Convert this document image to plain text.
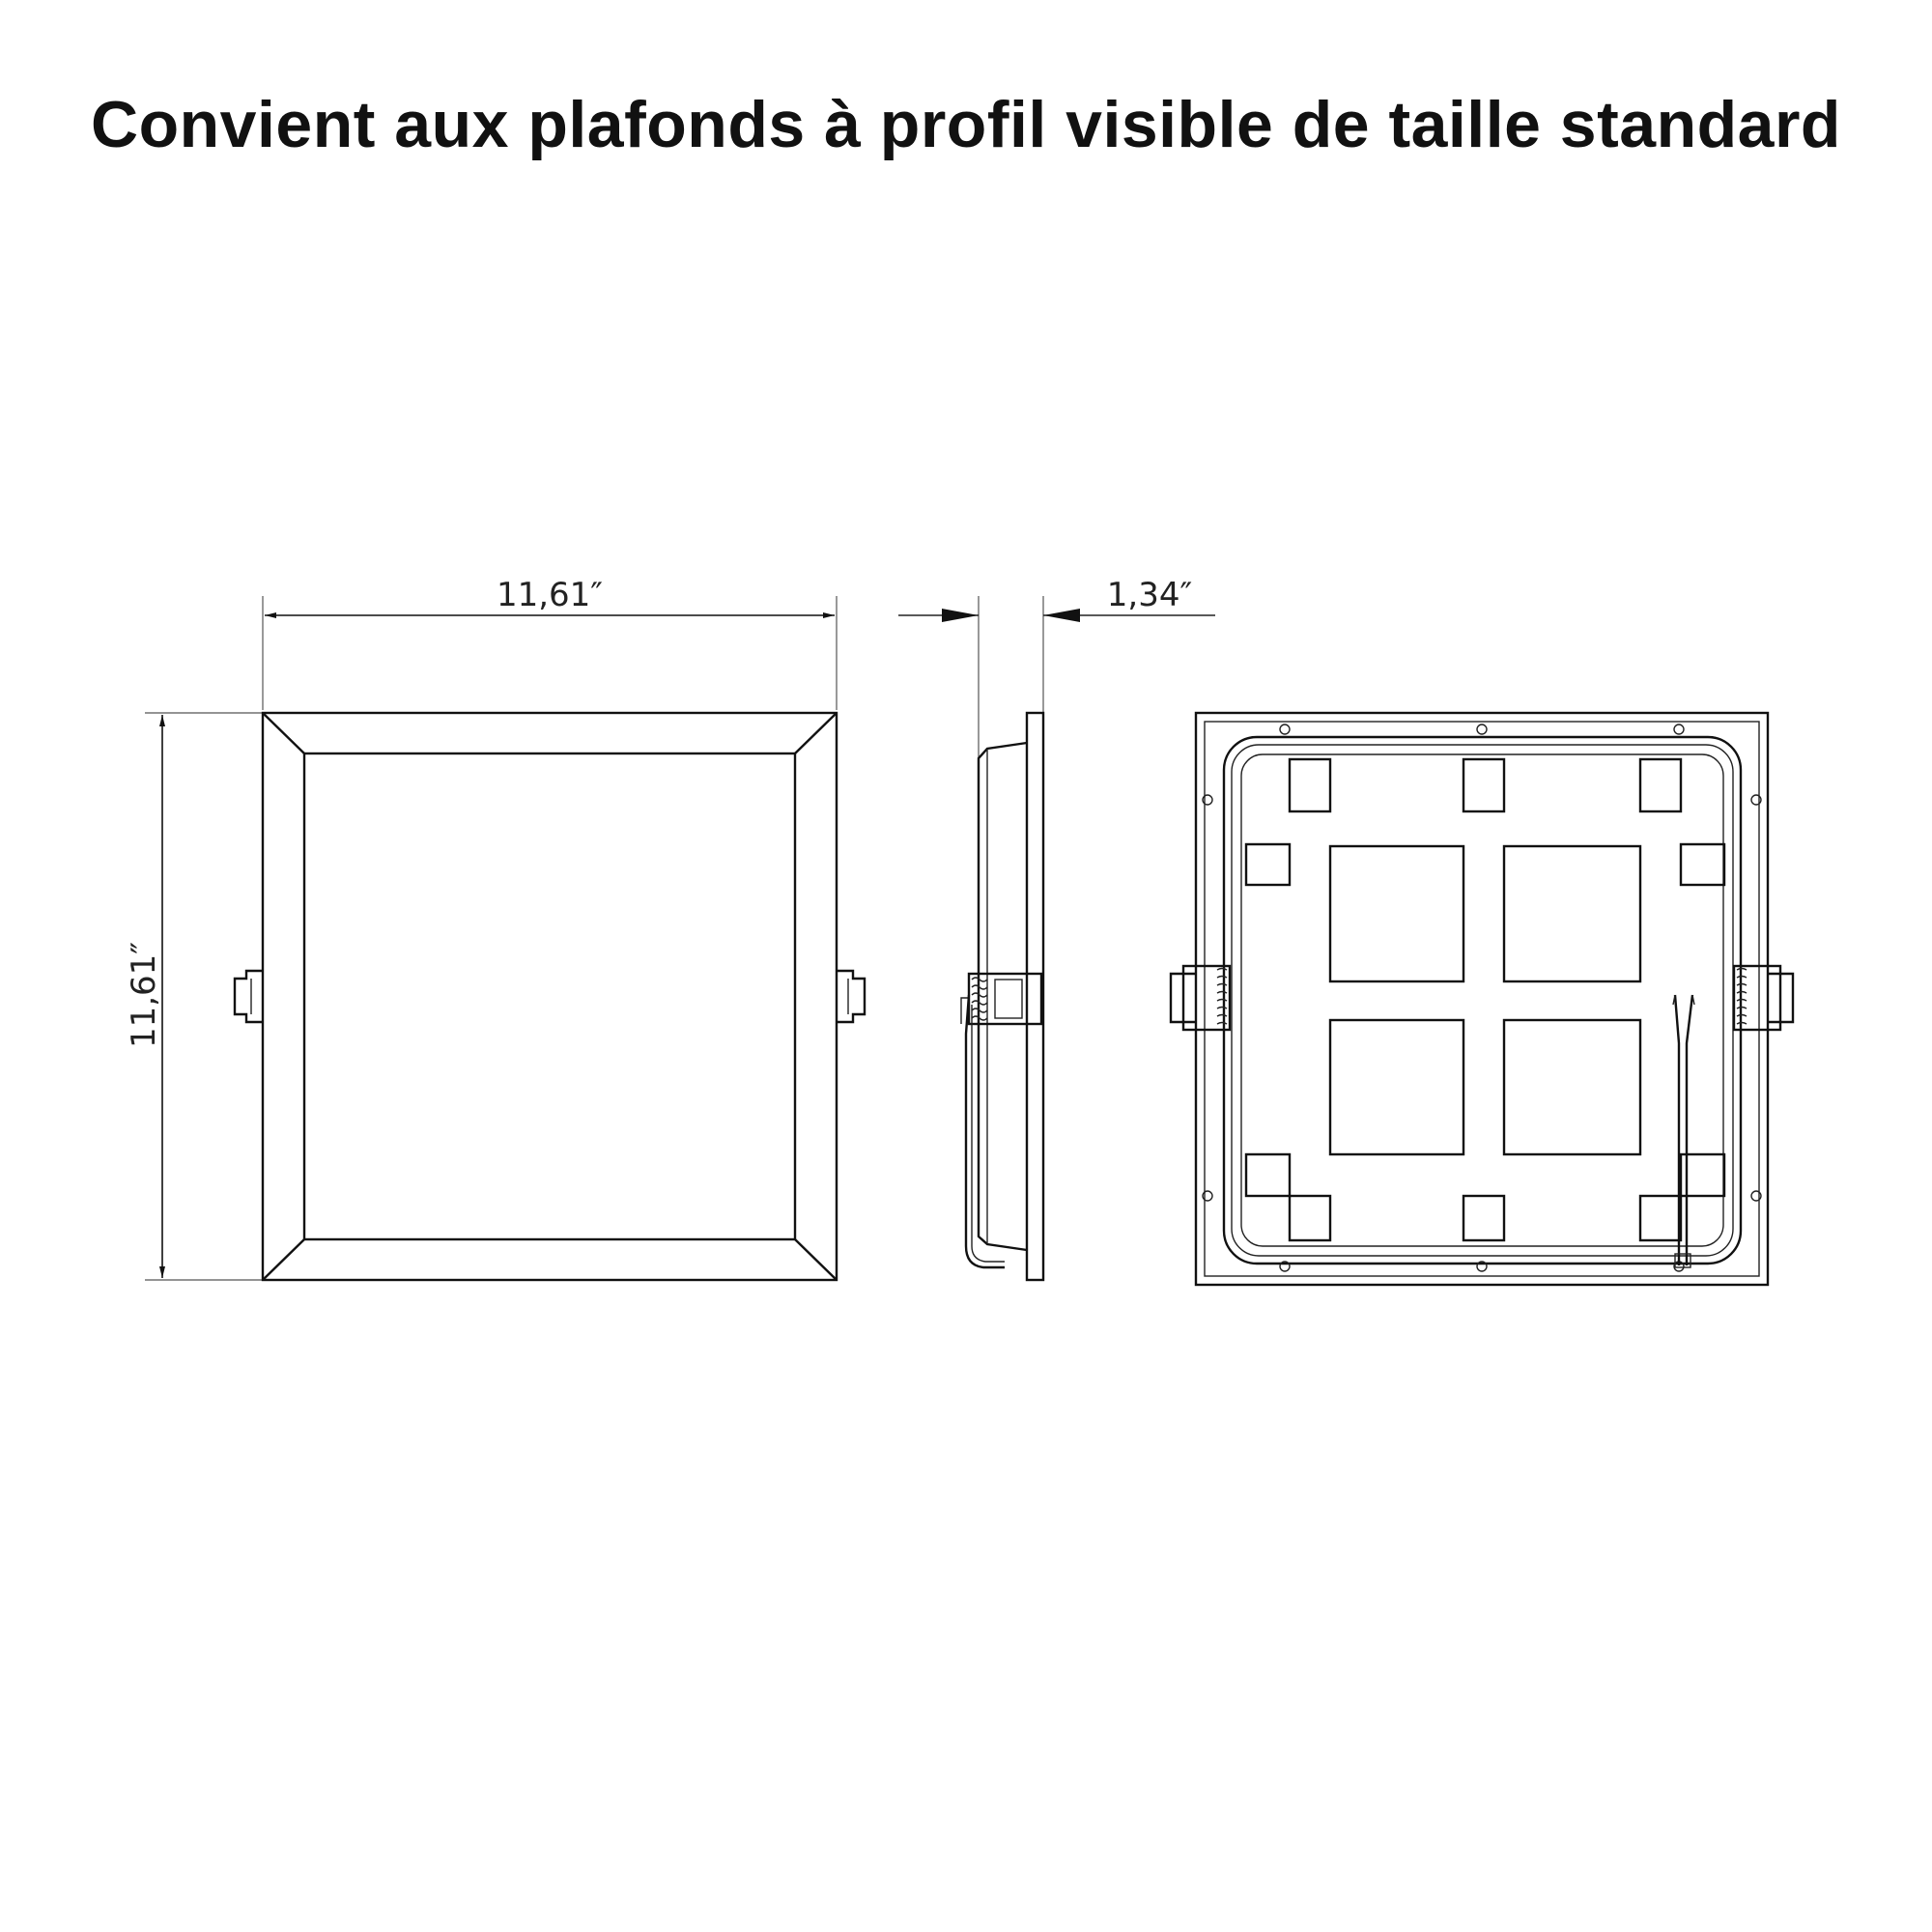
Convient aux plafonds à profil visible de taille standard
11,61″
11,61″
1,34″
